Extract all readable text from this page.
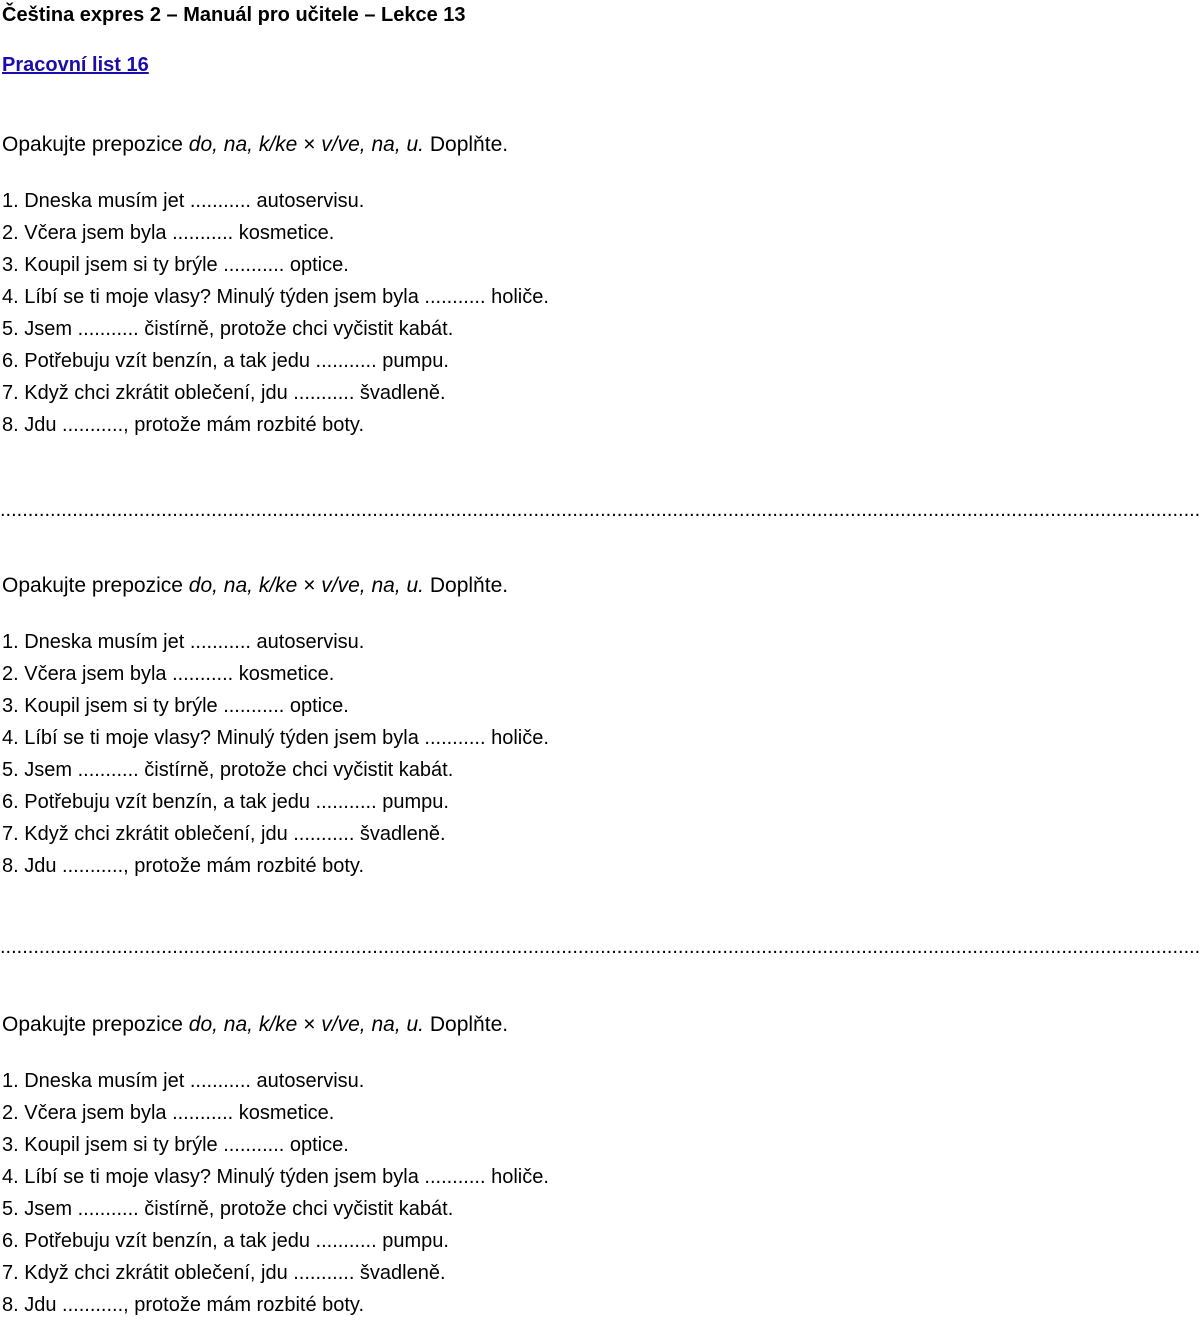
Čeština expres 2 – Manuál pro učitele – Lekce 13
Pracovní list 16
Opakujte prepozice do, na, k/ke × v/ve, na, u. Doplňte.
1. Dneska musím jet ........... autoservisu.
2. Včera jsem byla ........... kosmetice.
3. Koupil jsem si ty brýle ........... optice.
4. Líbí se ti moje vlasy? Minulý týden jsem byla ........... holiče.
5. Jsem ........... čistírně, protože chci vyčistit kabát.
6. Potřebuju vzít benzín, a tak jedu ........... pumpu.
7. Když chci zkrátit oblečení, jdu ........... švadleně.
8. Jdu ..........., protože mám rozbité boty.
........................................................................................................................................................................................................................
Opakujte prepozice do, na, k/ke × v/ve, na, u. Doplňte.
1. Dneska musím jet ........... autoservisu.
2. Včera jsem byla ........... kosmetice.
3. Koupil jsem si ty brýle ........... optice.
4. Líbí se ti moje vlasy? Minulý týden jsem byla ........... holiče.
5. Jsem ........... čistírně, protože chci vyčistit kabát.
6. Potřebuju vzít benzín, a tak jedu ........... pumpu.
7. Když chci zkrátit oblečení, jdu ........... švadleně.
8. Jdu ..........., protože mám rozbité boty.
........................................................................................................................................................................................................................
Opakujte prepozice do, na, k/ke × v/ve, na, u. Doplňte.
1. Dneska musím jet ........... autoservisu.
2. Včera jsem byla ........... kosmetice.
3. Koupil jsem si ty brýle ........... optice.
4. Líbí se ti moje vlasy? Minulý týden jsem byla ........... holiče.
5. Jsem ........... čistírně, protože chci vyčistit kabát.
6. Potřebuju vzít benzín, a tak jedu ........... pumpu.
7. Když chci zkrátit oblečení, jdu ........... švadleně.
8. Jdu ..........., protože mám rozbité boty.
